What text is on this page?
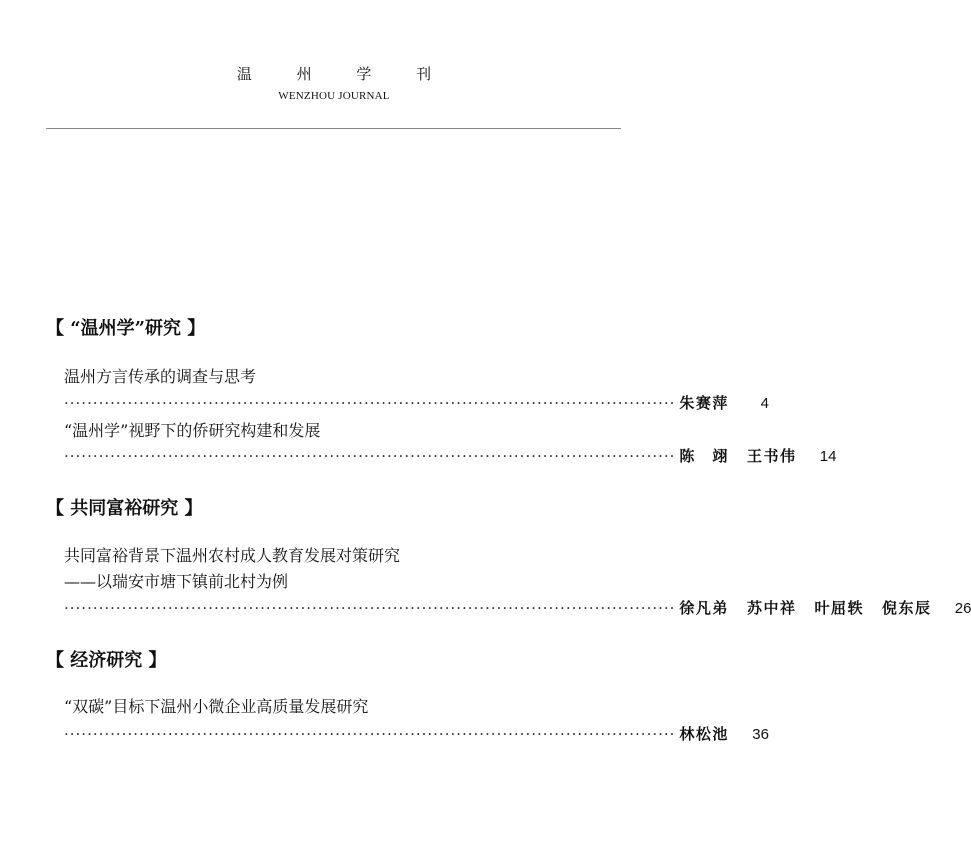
温 州 学 刊
WENZHOU JOURNAL
【 “温州学”研究 】
温州方言传承的调查与思考
·········································································································· 朱赛萍	4
“温州学”视野下的侨研究构建和发展
·········································································································· 陈　翊 王书伟	14
【 共同富裕研究 】
共同富裕背景下温州农村成人教育发展对策研究
——以瑞安市塘下镇前北村为例
·········································································································· 徐凡弟 苏中祥 叶屈轶 倪东辰	26
【 经济研究 】
“双碳”目标下温州小微企业高质量发展研究
·········································································································· 林松池	36
